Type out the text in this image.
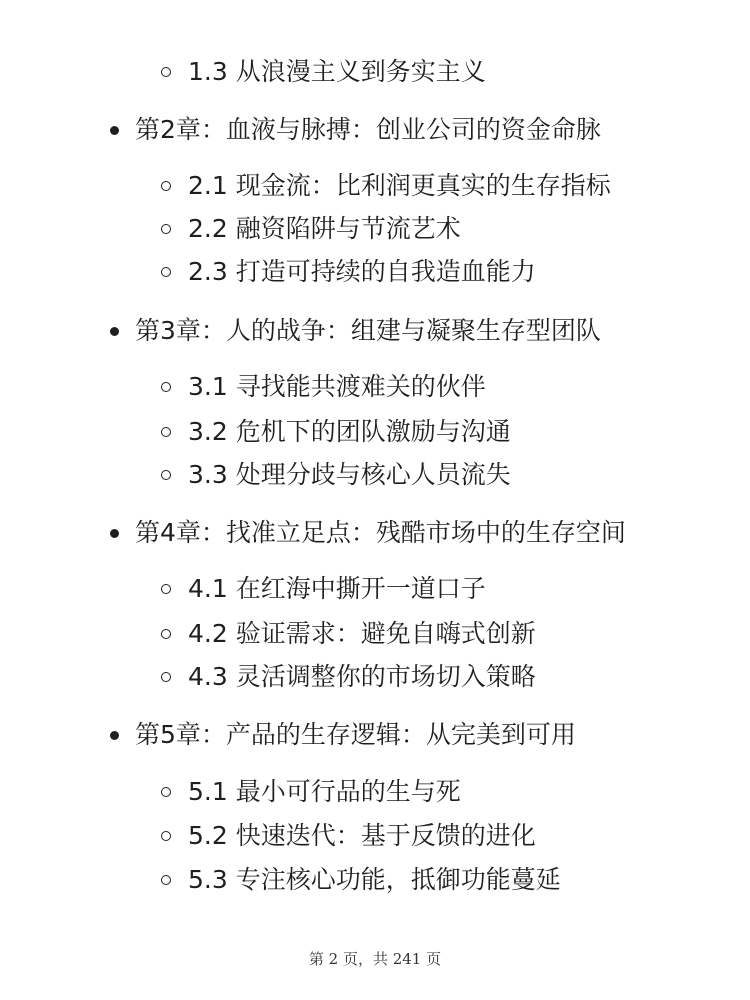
1.3 从浪漫主义到务实主义
第2章：血液与脉搏：创业公司的资金命脉
2.1 现金流：比利润更真实的生存指标
2.2 融资陷阱与节流艺术
2.3 打造可持续的自我造血能力
第3章：人的战争：组建与凝聚生存型团队
3.1 寻找能共渡难关的伙伴
3.2 危机下的团队激励与沟通
3.3 处理分歧与核心人员流失
第4章：找准立足点：残酷市场中的生存空间
4.1 在红海中撕开一道口子
4.2 验证需求：避免自嗨式创新
4.3 灵活调整你的市场切入策略
第5章：产品的生存逻辑：从完美到可用
5.1 最小可行品的生与死
5.2 快速迭代：基于反馈的进化
5.3 专注核心功能，抵御功能蔓延
第 2 页，共 241 页
